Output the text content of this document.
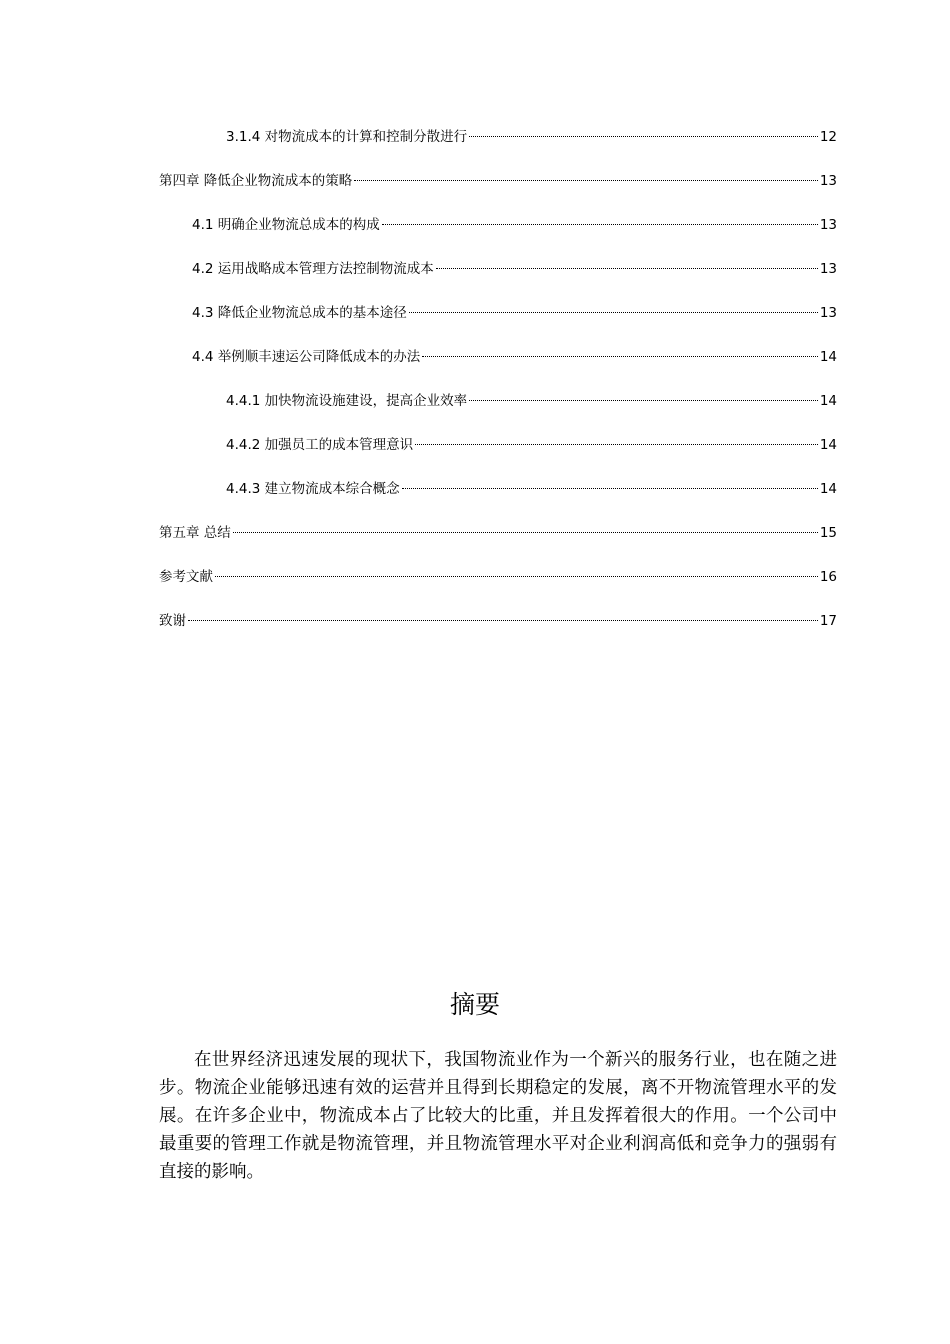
3.1.4 对物流成本的计算和控制分散进行	12
第四章 降低企业物流成本的策略	13
4.1 明确企业物流总成本的构成	13
4.2 运用战略成本管理方法控制物流成本	13
4.3 降低企业物流总成本的基本途径	13
4.4 举例顺丰速运公司降低成本的办法	14
4.4.1 加快物流设施建设，提高企业效率	14
4.4.2 加强员工的成本管理意识	14
4.4.3 建立物流成本综合概念	14
第五章 总结	15
参考文献	16
致谢	17
摘要

在世界经济迅速发展的现状下，我国物流业作为一个新兴的服务行业，也在随之进步。物流企业能够迅速有效的运营并且得到长期稳定的发展，离不开物流管理水平的发展。在许多企业中，物流成本占了比较大的比重，并且发挥着很大的作用。一个公司中最重要的管理工作就是物流管理，并且物流管理水平对企业利润高低和竞争力的强弱有直接的影响。
